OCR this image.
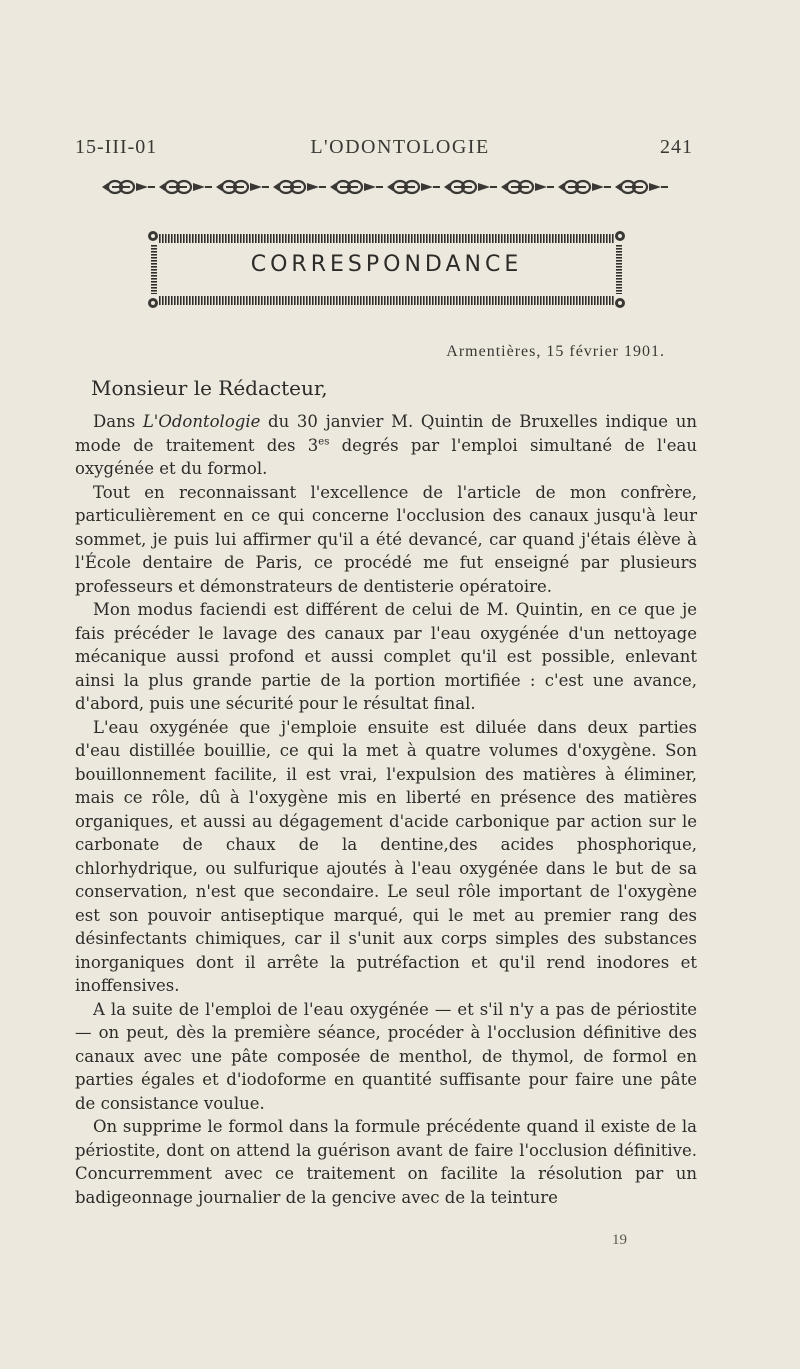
15-III-01	L'ODONTOLOGIE	241
CORRESPONDANCE
Armentières, 15 février 1901.
Monsieur le Rédacteur,

Dans L'Odontologie du 30 janvier M. Quintin de Bruxelles indique un mode de traitement des $3^{es}$ degrés par l'emploi simultané de l'eau oxygénée et du formol.

Tout en reconnaissant l'excellence de l'article de mon confrère, particulièrement en ce qui concerne l'occlusion des canaux jusqu'à leur sommet, je puis lui affirmer qu'il a été devancé, car quand j'étais élève à l'École dentaire de Paris, ce procédé me fut enseigné par plusieurs professeurs et démonstrateurs de dentisterie opératoire.

Mon modus faciendi est différent de celui de M. Quintin, en ce que je fais précéder le lavage des canaux par l'eau oxygénée d'un nettoyage mécanique aussi profond et aussi complet qu'il est possible, enlevant ainsi la plus grande partie de la portion mortifiée : c'est une avance, d'abord, puis une sécurité pour le résultat final.

L'eau oxygénée que j'emploie ensuite est diluée dans deux parties d'eau distillée bouillie, ce qui la met à quatre volumes d'oxygène. Son bouillonnement facilite, il est vrai, l'expulsion des matières à éliminer, mais ce rôle, dû à l'oxygène mis en liberté en présence des matières organiques, et aussi au dégagement d'acide carbonique par action sur le carbonate de chaux de la dentine,des acides phosphorique, chlorhydrique, ou sulfurique ajoutés à l'eau oxygénée dans le but de sa conservation, n'est que secondaire. Le seul rôle important de l'oxygène est son pouvoir antiseptique marqué, qui le met au premier rang des désinfectants chimiques, car il s'unit aux corps simples des substances inorganiques dont il arrête la putréfaction et qu'il rend inodores et inoffensives.

A la suite de l'emploi de l'eau oxygénée — et s'il n'y a pas de périostite — on peut, dès la première séance, procéder à l'occlusion définitive des canaux avec une pâte composée de menthol, de thymol, de formol en parties égales et d'iodoforme en quantité suffisante pour faire une pâte de consistance voulue.

On supprime le formol dans la formule précédente quand il existe de la périostite, dont on attend la guérison avant de faire l'occlusion définitive. Concurremment avec ce traitement on facilite la résolution par un badigeonnage journalier de la gencive avec de la teinture

19
